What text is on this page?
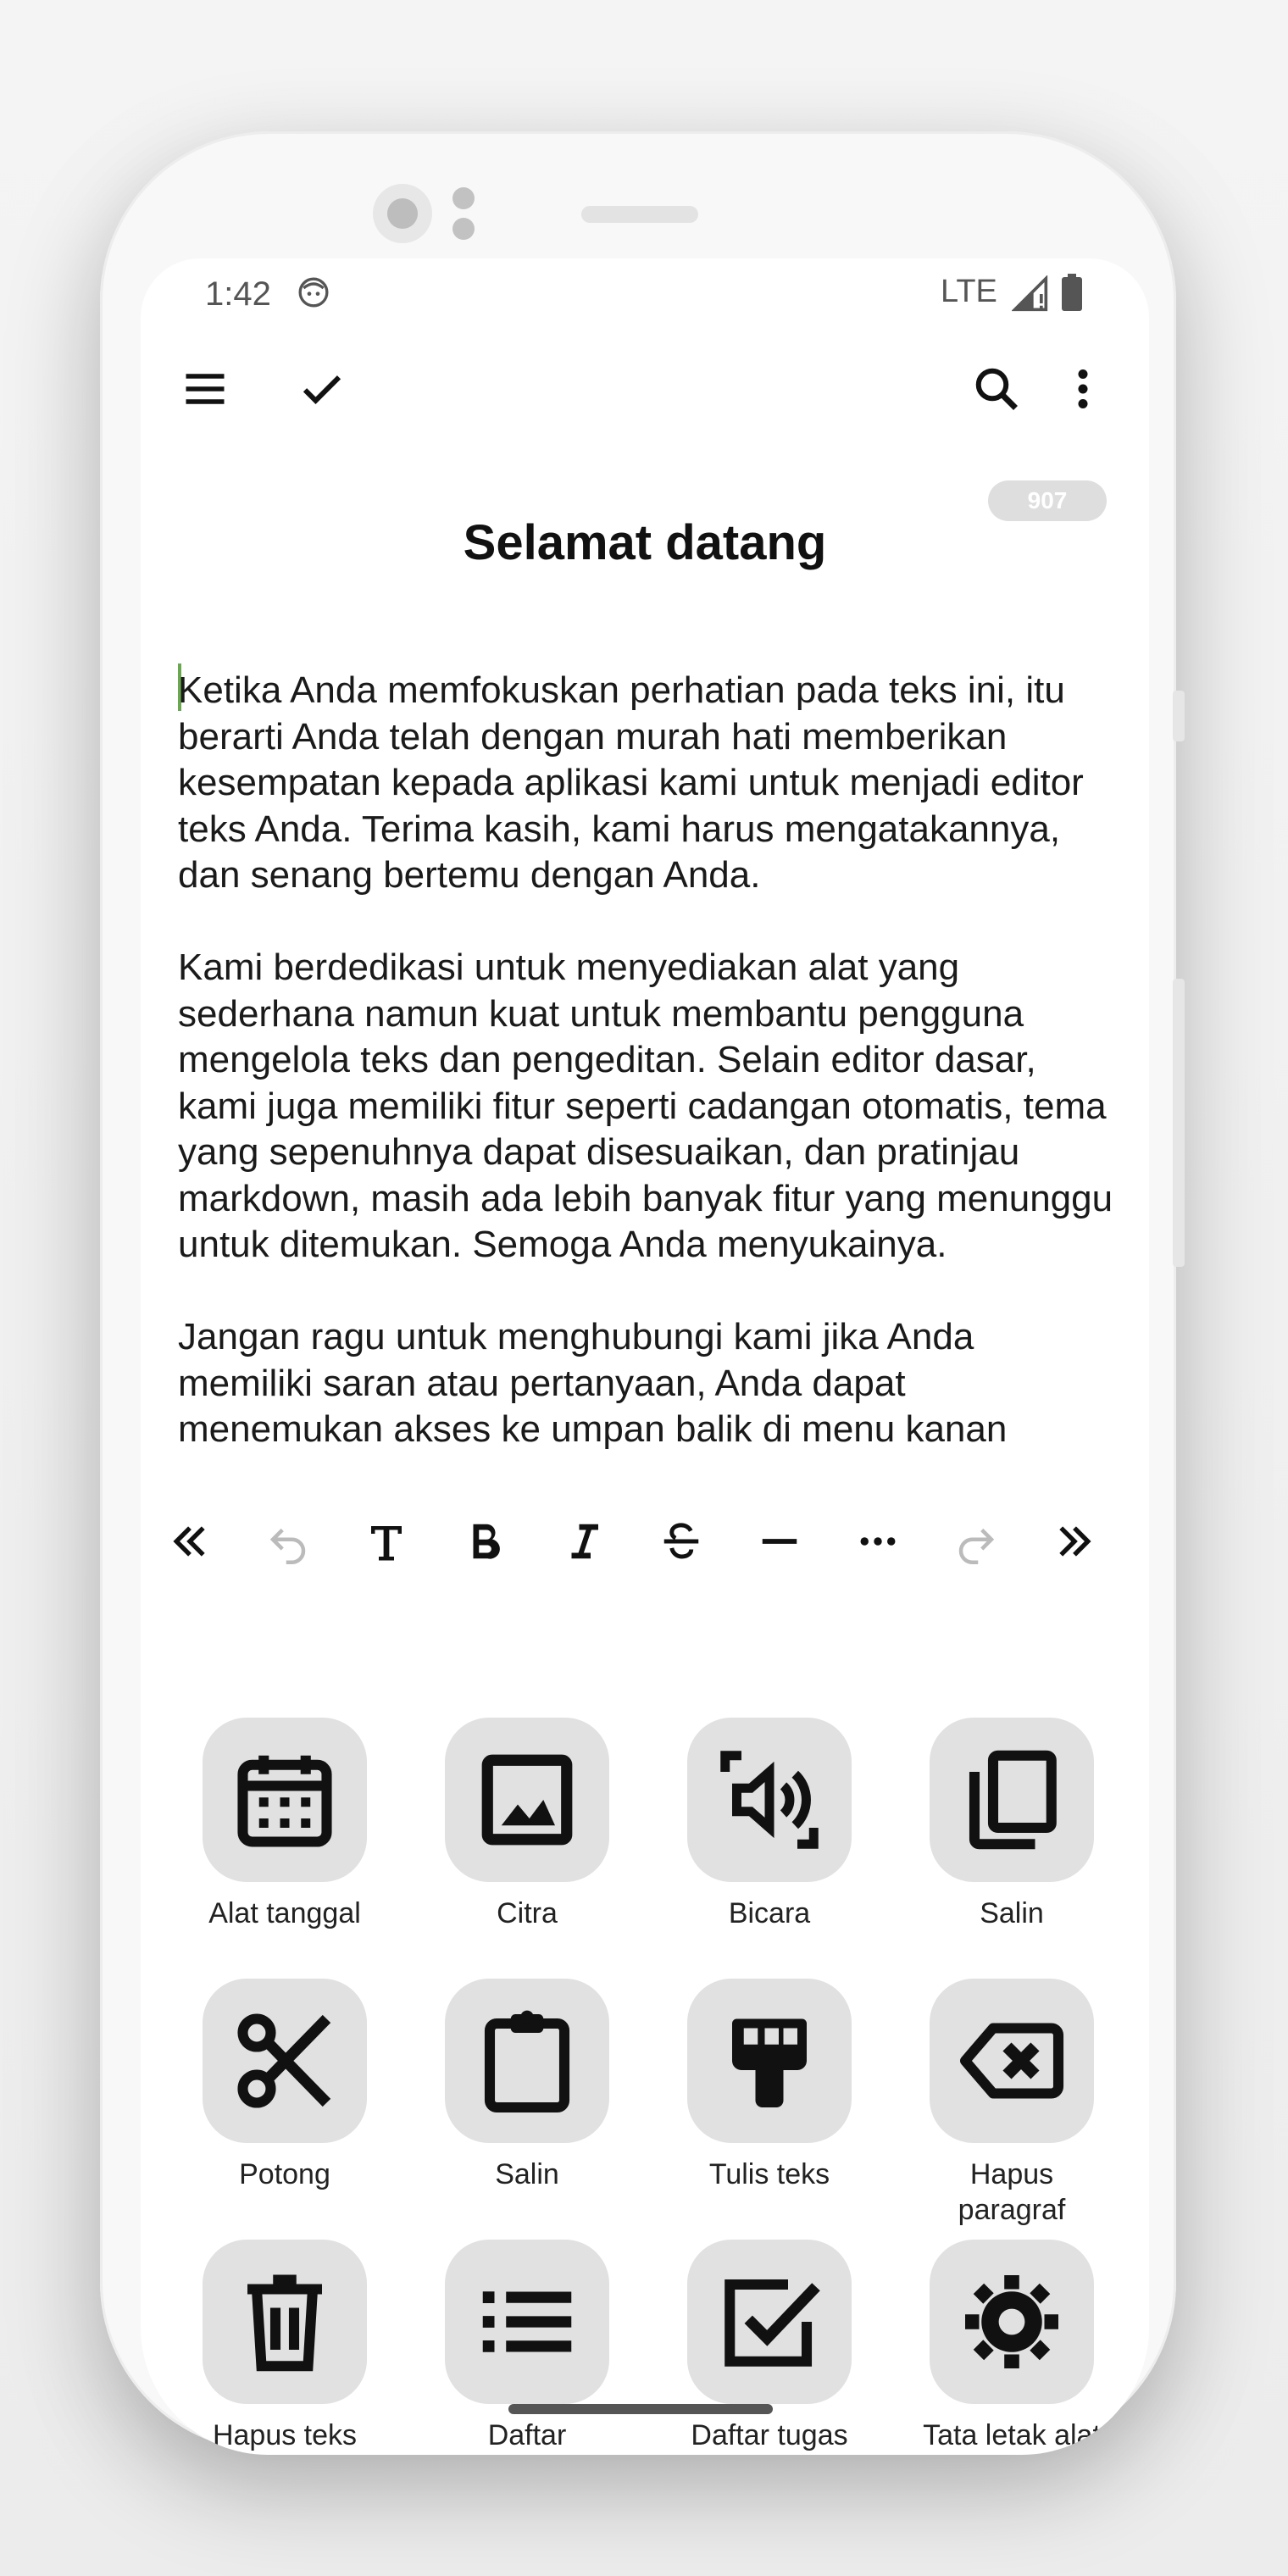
1:42	LTE
907
Selamat datang

Ketika Anda memfokuskan perhatian pada teks ini, itu berarti Anda telah dengan murah hati memberikan kesempatan kepada aplikasi kami untuk menjadi editor teks Anda. Terima kasih, kami harus mengatakannya, dan senang bertemu dengan Anda.

Kami berdedikasi untuk menyediakan alat yang sederhana namun kuat untuk membantu pengguna mengelola teks dan pengeditan. Selain editor dasar, kami juga memiliki fitur seperti cadangan otomatis, tema yang sepenuhnya dapat disesuaikan, dan pratinjau markdown, masih ada lebih banyak fitur yang menunggu untuk ditemukan. Semoga Anda menyukainya.

Jangan ragu untuk menghubungi kami jika Anda memiliki saran atau pertanyaan, Anda dapat menemukan akses ke umpan balik di menu kanan

Alat tanggal	Citra	Bicara	Salin
Potong	Salin	Tulis teks	Hapus paragraf
Hapus teks	Daftar	Daftar tugas	Tata letak alat
